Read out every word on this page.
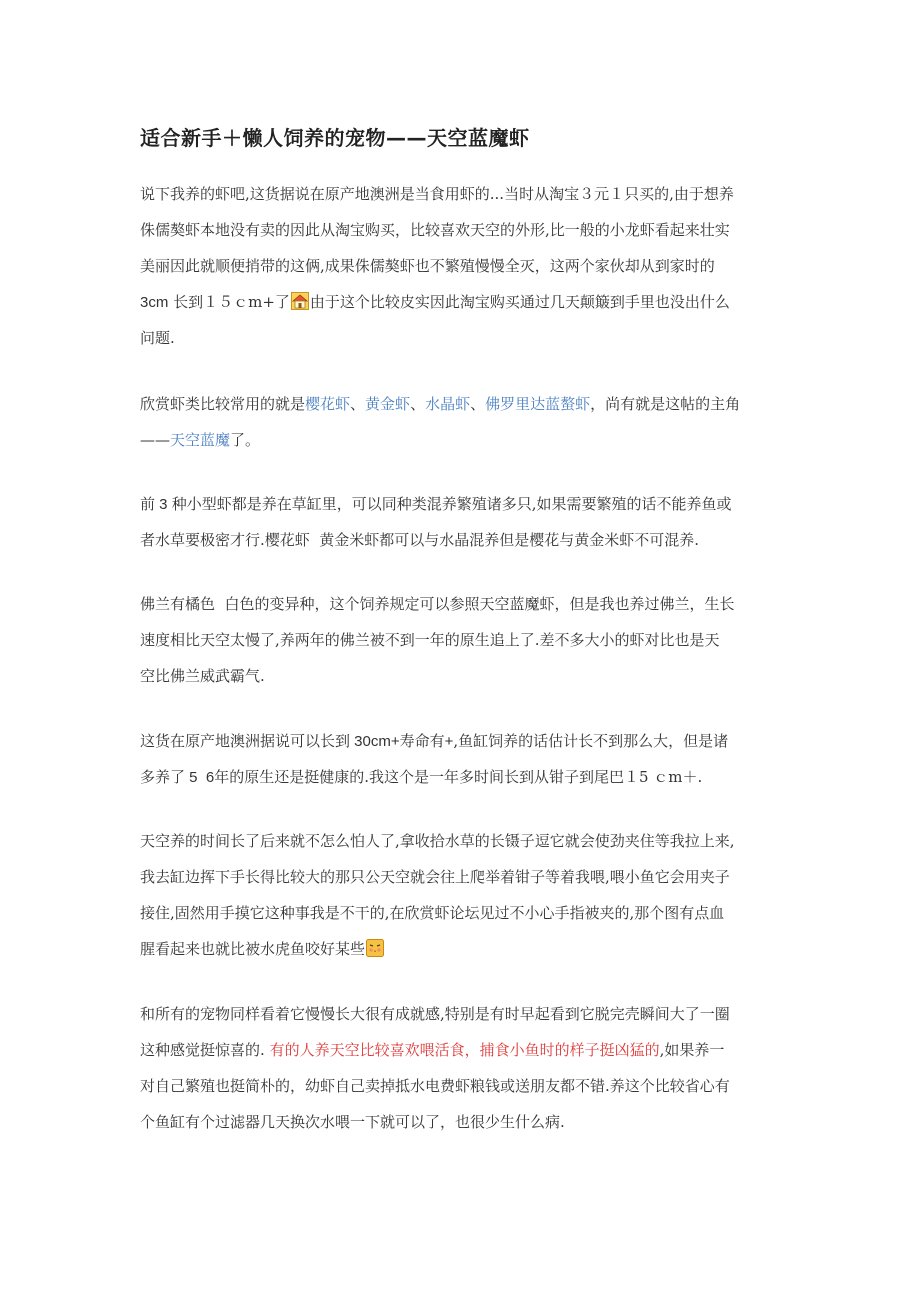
适合新手＋懒人饲养的宠物——天空蓝魔虾
说下我养的虾吧,这货据说在原产地澳洲是当食用虾的...当时从淘宝３元１只买的,由于想养
侏儒獒虾本地没有卖的因此从淘宝购买，比较喜欢天空的外形,比一般的小龙虾看起来壮实
美丽因此就顺便捎带的这俩,成果侏儒獒虾也不繁殖慢慢全灭，这两个家伙却从到家时的
3cm 长到１５ｃm+了 由于这个比较皮实因此淘宝购买通过几天颠簸到手里也没出什么
问题.
欣赏虾类比较常用的就是樱花虾、黄金虾、水晶虾、佛罗里达蓝螯虾，尚有就是这帖的主角
——天空蓝魔了。
前 3 种小型虾都是养在草缸里，可以同种类混养繁殖诸多只,如果需要繁殖的话不能养鱼或
者水草要极密才行.樱花虾  黄金米虾都可以与水晶混养但是樱花与黄金米虾不可混养.
佛兰有橘色  白色的变异种，这个饲养规定可以参照天空蓝魔虾，但是我也养过佛兰，生长
速度相比天空太慢了,养两年的佛兰被不到一年的原生追上了.差不多大小的虾对比也是天
空比佛兰威武霸气.
这货在原产地澳洲据说可以长到 30cm+寿命有+,鱼缸饲养的话估计长不到那么大，但是诸
多养了 5  6年的原生还是挺健康的.我这个是一年多时间长到从钳子到尾巴１5 ｃm＋.
天空养的时间长了后来就不怎么怕人了,拿收拾水草的长镊子逗它就会使劲夹住等我拉上来,
我去缸边挥下手长得比较大的那只公天空就会往上爬举着钳子等着我喂,喂小鱼它会用夹子
接住,固然用手摸它这种事我是不干的,在欣赏虾论坛见过不小心手指被夹的,那个图有点血
腥看起来也就比被水虎鱼咬好某些
和所有的宠物同样看着它慢慢长大很有成就感,特别是有时早起看到它脱完壳瞬间大了一圈
这种感觉挺惊喜的. 有的人养天空比较喜欢喂活食，捕食小鱼时的样子挺凶猛的,如果养一
对自己繁殖也挺简朴的，幼虾自己卖掉抵水电费虾粮钱或送朋友都不错.养这个比较省心有
个鱼缸有个过滤器几天换次水喂一下就可以了，也很少生什么病.
